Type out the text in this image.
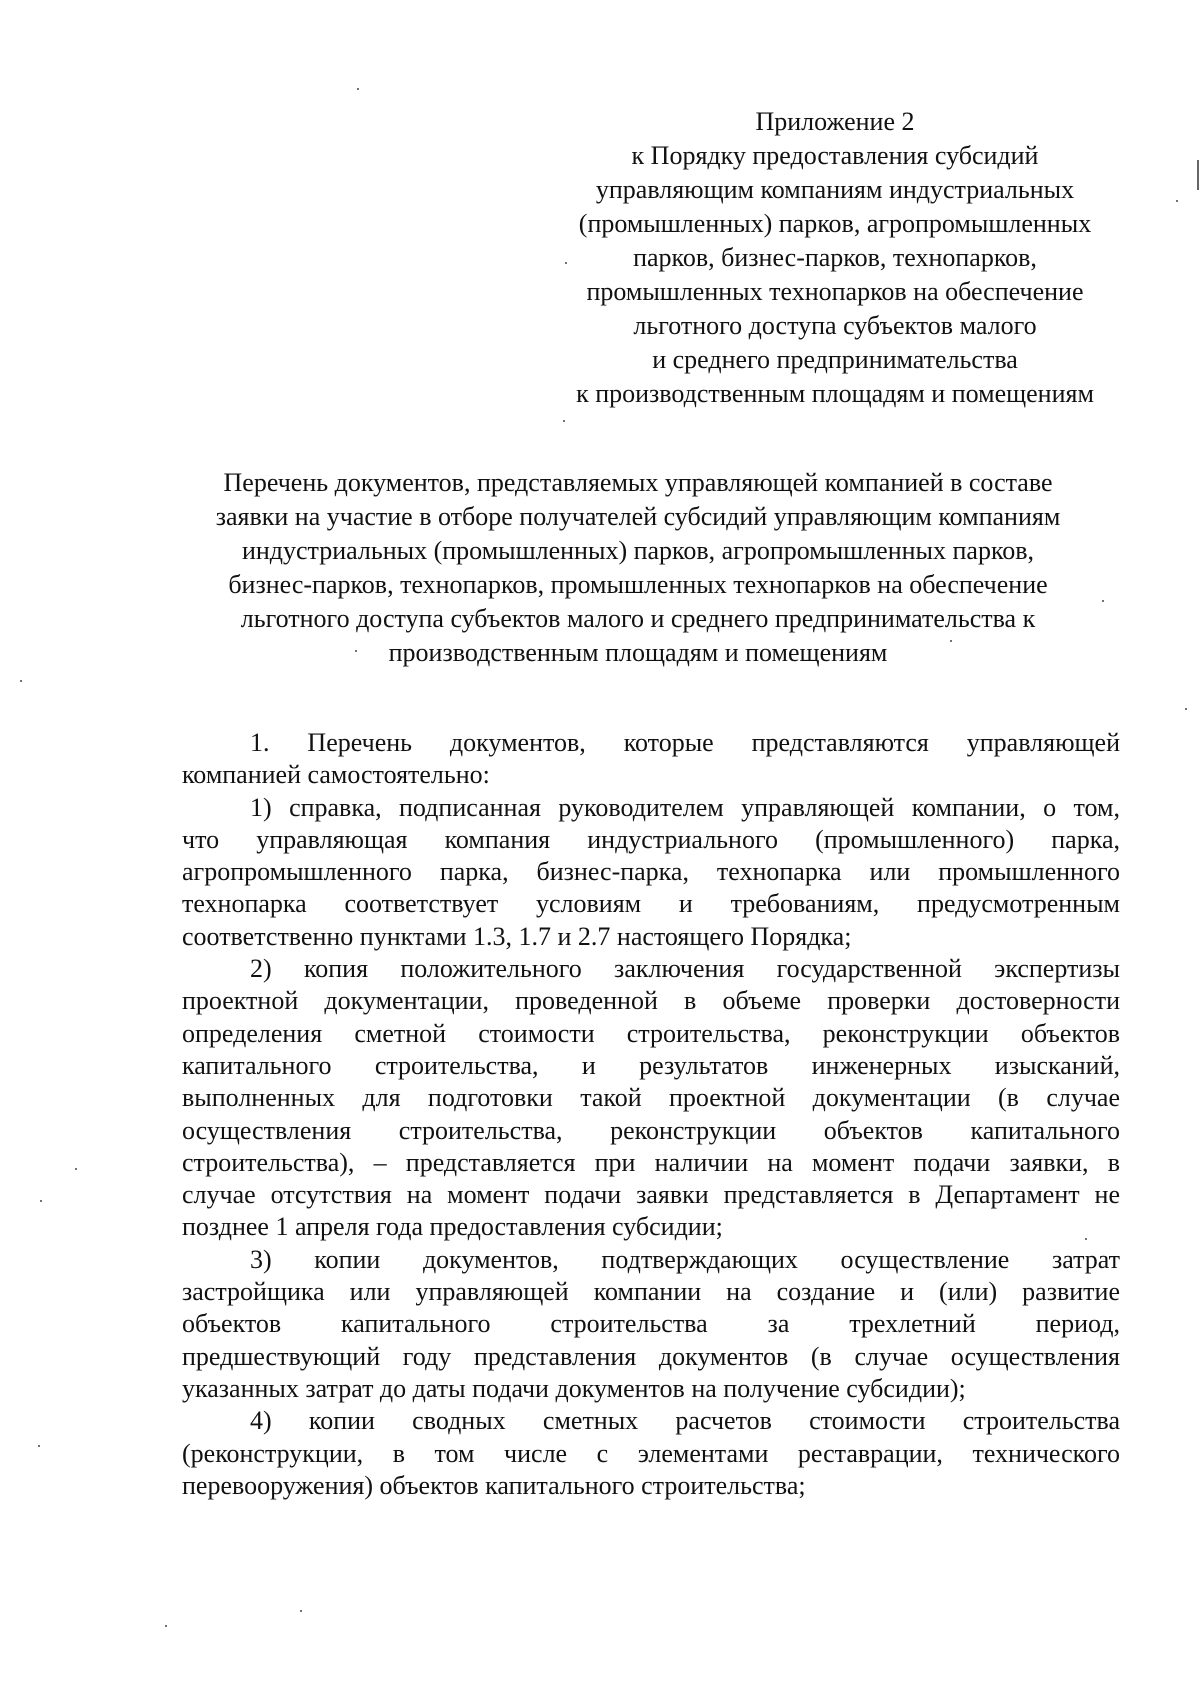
Приложение 2
к Порядку предоставления субсидий
управляющим компаниям индустриальных
(промышленных) парков, агропромышленных
парков, бизнес-парков, технопарков,
промышленных технопарков на обеспечение
льготного доступа субъектов малого
и среднего предпринимательства
к производственным площадям и помещениям
Перечень документов, представляемых управляющей компанией в составе
заявки на участие в отборе получателей субсидий управляющим компаниям
индустриальных (промышленных) парков, агропромышленных парков,
бизнес-парков, технопарков, промышленных технопарков на обеспечение
льготного доступа субъектов малого и среднего предпринимательства к
производственным площадям и помещениям
1. Перечень документов, которые представляются управляющей
компанией самостоятельно:
1) справка, подписанная руководителем управляющей компании, о том,
что управляющая компания индустриального (промышленного) парка,
агропромышленного парка, бизнес-парка, технопарка или промышленного
технопарка соответствует условиям и требованиям, предусмотренным
соответственно пунктами 1.3, 1.7 и 2.7 настоящего Порядка;
2) копия положительного заключения государственной экспертизы
проектной документации, проведенной в объеме проверки достоверности
определения сметной стоимости строительства, реконструкции объектов
капитального строительства, и результатов инженерных изысканий,
выполненных для подготовки такой проектной документации (в случае
осуществления строительства, реконструкции объектов капитального
строительства), – представляется при наличии на момент подачи заявки, в
случае отсутствия на момент подачи заявки представляется в Департамент не
позднее 1 апреля года предоставления субсидии;
3) копии документов, подтверждающих осуществление затрат
застройщика или управляющей компании на создание и (или) развитие
объектов капитального строительства за трехлетний период,
предшествующий году представления документов (в случае осуществления
указанных затрат до даты подачи документов на получение субсидии);
4) копии сводных сметных расчетов стоимости строительства
(реконструкции, в том числе с элементами реставрации, технического
перевооружения) объектов капитального строительства;
